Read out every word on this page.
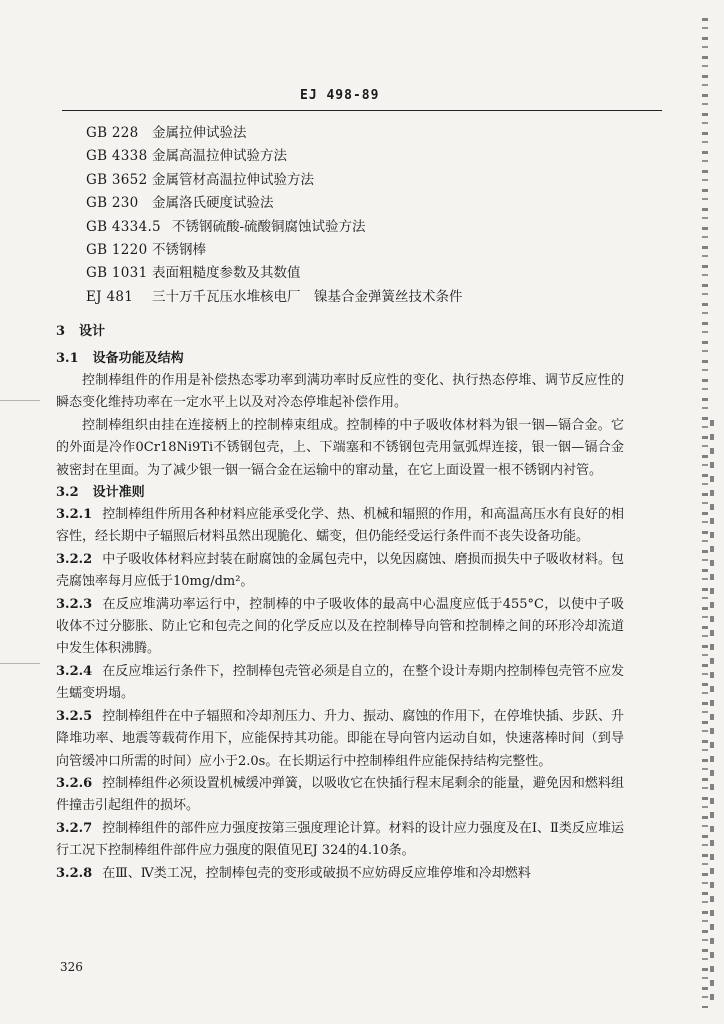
EJ 498-89
GB 228 金属拉伸试验法
GB 4338 金属高温拉伸试验方法
GB 3652 金属管材高温拉伸试验方法
GB 230 金属洛氏硬度试验法
GB 4334.5 不锈钢硫酸-硫酸铜腐蚀试验方法
GB 1220 不锈钢棒
GB 1031 表面粗糙度参数及其数值
EJ 481 三十万千瓦压水堆核电厂　镍基合金弹簧丝技术条件
3 设计
3.1 设备功能及结构

控制棒组件的作用是补偿热态零功率到满功率时反应性的变化、执行热态停堆、调节反应性的瞬态变化维持功率在一定水平上以及对冷态停堆起补偿作用。

控制棒组织由挂在连接柄上的控制棒束组成。控制棒的中子吸收体材料为银一铟—镉合金。它的外面是冷作0Cr18Ni9Ti不锈钢包壳，上、下端塞和不锈钢包壳用氩弧焊连接，银一铟—镉合金被密封在里面。为了减少银一铟一镉合金在运输中的窜动量，在它上面设置一根不锈钢内衬管。

3.2 设计准则

3.2.1 控制棒组件所用各种材料应能承受化学、热、机械和辐照的作用，和高温高压水有良好的相容性，经长期中子辐照后材料虽然出现脆化、蠕变，但仍能经受运行条件而不丧失设备功能。

3.2.2 中子吸收体材料应封装在耐腐蚀的金属包壳中，以免因腐蚀、磨损而损失中子吸收材料。包壳腐蚀率每月应低于10mg/dm²。

3.2.3 在反应堆满功率运行中，控制棒的中子吸收体的最高中心温度应低于455°C，以使中子吸收体不过分膨胀、防止它和包壳之间的化学反应以及在控制棒导向管和控制棒之间的环形冷却流道中发生体积沸腾。

3.2.4 在反应堆运行条件下，控制棒包壳管必须是自立的，在整个设计寿期内控制棒包壳管不应发生蠕变坍塌。

3.2.5 控制棒组件在中子辐照和冷却剂压力、升力、振动、腐蚀的作用下，在停堆快插、步跃、升降堆功率、地震等载荷作用下，应能保持其功能。即能在导向管内运动自如，快速落棒时间（到导向管缓冲口所需的时间）应小于2.0s。在长期运行中控制棒组件应能保持结构完整性。

3.2.6 控制棒组件必须设置机械缓冲弹簧，以吸收它在快插行程末尾剩余的能量，避免因和燃料组件撞击引起组件的损坏。

3.2.7 控制棒组件的部件应力强度按第三强度理论计算。材料的设计应力强度及在Ⅰ、Ⅱ类反应堆运行工况下控制棒组件部件应力强度的限值见EJ 324的4.10条。

3.2.8 在Ⅲ、Ⅳ类工况，控制棒包壳的变形或破损不应妨碍反应堆停堆和冷却燃料

326
